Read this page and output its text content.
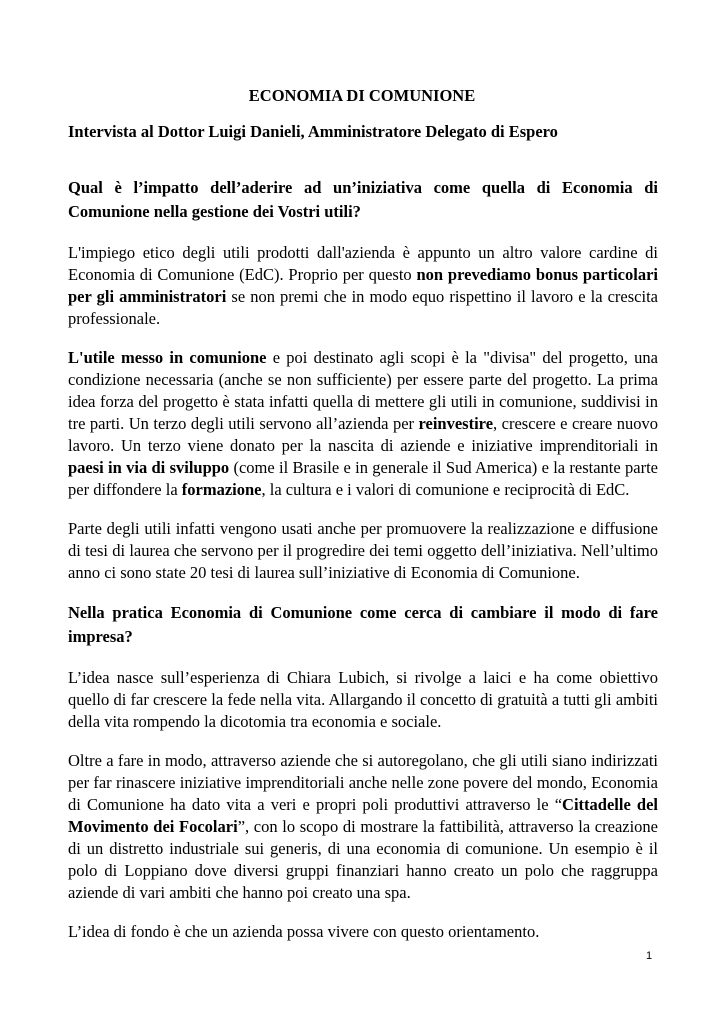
ECONOMIA DI COMUNIONE
Intervista al Dottor Luigi Danieli, Amministratore Delegato di Espero

Qual è l’impatto dell’aderire ad un’iniziativa come quella di Economia di Comunione nella gestione dei Vostri utili?

L'impiego etico degli utili prodotti dall'azienda è appunto un altro valore cardine di Economia di Comunione (EdC). Proprio per questo non prevediamo bonus particolari per gli amministratori se non premi che in modo equo rispettino il lavoro e la crescita professionale.

L'utile messo in comunione e poi destinato agli scopi è la "divisa" del progetto, una condizione necessaria (anche se non sufficiente) per essere parte del progetto. La prima idea forza del progetto è stata infatti quella di mettere gli utili in comunione, suddivisi in tre parti. Un terzo degli utili servono all’azienda per reinvestire, crescere e creare nuovo lavoro. Un terzo viene donato per la nascita di aziende e iniziative imprenditoriali in paesi in via di sviluppo (come il Brasile e in generale il Sud America) e la restante parte per diffondere la formazione, la cultura e i valori di comunione e reciprocità di EdC.

Parte degli utili infatti vengono usati anche per promuovere la realizzazione e diffusione di tesi di laurea che servono per il progredire dei temi oggetto dell’iniziativa. Nell’ultimo anno ci sono state 20 tesi di laurea sull’iniziative di Economia di Comunione.

Nella pratica Economia di Comunione come cerca di cambiare il modo di fare impresa?

L’idea nasce sull’esperienza di Chiara Lubich, si rivolge a laici e ha come obiettivo quello di far crescere la fede nella vita. Allargando il concetto di gratuità a tutti gli ambiti della vita rompendo la dicotomia tra economia e sociale.

Oltre a fare in modo, attraverso aziende che si autoregolano, che gli utili siano indirizzati per far rinascere iniziative imprenditoriali anche nelle zone povere del mondo, Economia di Comunione ha dato vita a veri e propri poli produttivi attraverso le “Cittadelle del Movimento dei Focolari”, con lo scopo di mostrare la fattibilità, attraverso la creazione di un distretto industriale sui generis, di una economia di comunione. Un esempio è il polo di Loppiano dove diversi gruppi finanziari hanno creato un polo che raggruppa aziende di vari ambiti che hanno poi creato una spa.

L’idea di fondo è che un azienda possa vivere con questo orientamento.

1
